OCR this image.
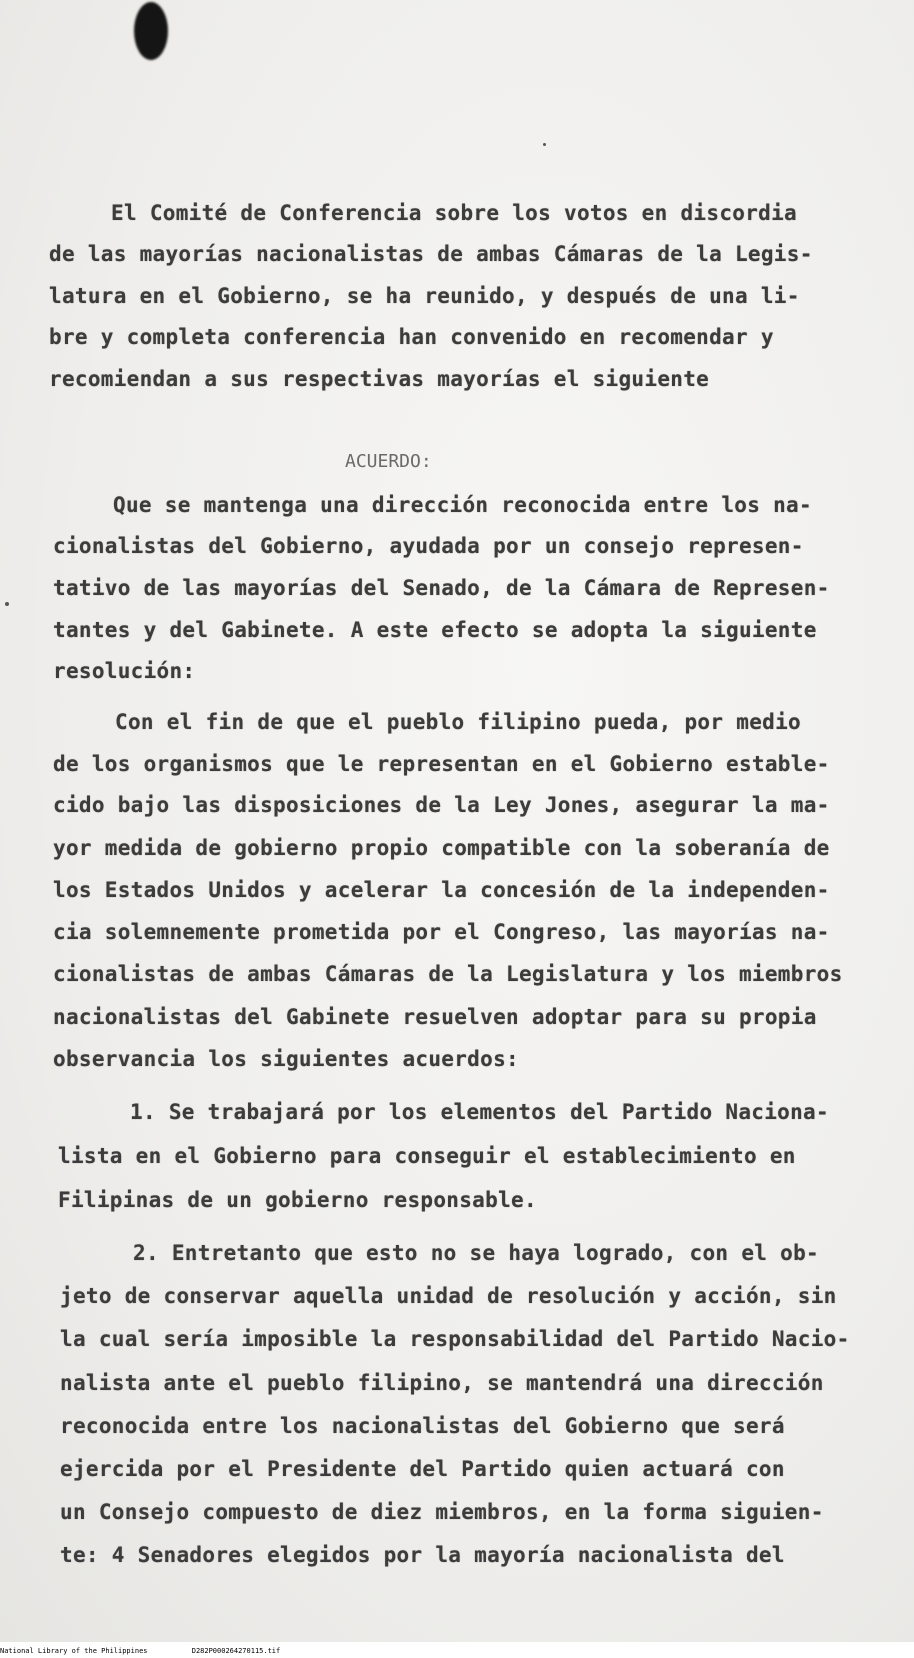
El Comité de Conferencia sobre los votos en discordia

de las mayorías nacionalistas de ambas Cámaras de la Legis-

latura en el Gobierno, se ha reunido, y después de una li-

bre y completa conferencia han convenido en recomendar y

recomiendan a sus respectivas mayorías el siguiente

ACUERDO:

Que se mantenga una dirección reconocida entre los na-

cionalistas del Gobierno, ayudada por un consejo represen-

tativo de las mayorías del Senado, de la Cámara de Represen-

tantes y del Gabinete. A este efecto se adopta la siguiente

resolución:

Con el fin de que el pueblo filipino pueda, por medio

de los organismos que le representan en el Gobierno estable-

cido bajo las disposiciones de la Ley Jones, asegurar la ma-

yor medida de gobierno propio compatible con la soberanía de

los Estados Unidos y acelerar la concesión de la independen-

cia solemnemente prometida por el Congreso, las mayorías na-

cionalistas de ambas Cámaras de la Legislatura y los miembros

nacionalistas del Gabinete resuelven adoptar para su propia

observancia los siguientes acuerdos:

1. Se trabajará por los elementos del Partido Naciona-

lista en el Gobierno para conseguir el establecimiento en

Filipinas de un gobierno responsable.

2. Entretanto que esto no se haya logrado, con el ob-

jeto de conservar aquella unidad de resolución y acción, sin

la cual sería imposible la responsabilidad del Partido Nacio-

nalista ante el pueblo filipino, se mantendrá una dirección

reconocida entre los nacionalistas del Gobierno que será

ejercida por el Presidente del Partido quien actuará con

un Consejo compuesto de diez miembros, en la forma siguien-

te: 4 Senadores elegidos por la mayoría nacionalista del

National Library of the Philippines	D282P000264270115.tif
